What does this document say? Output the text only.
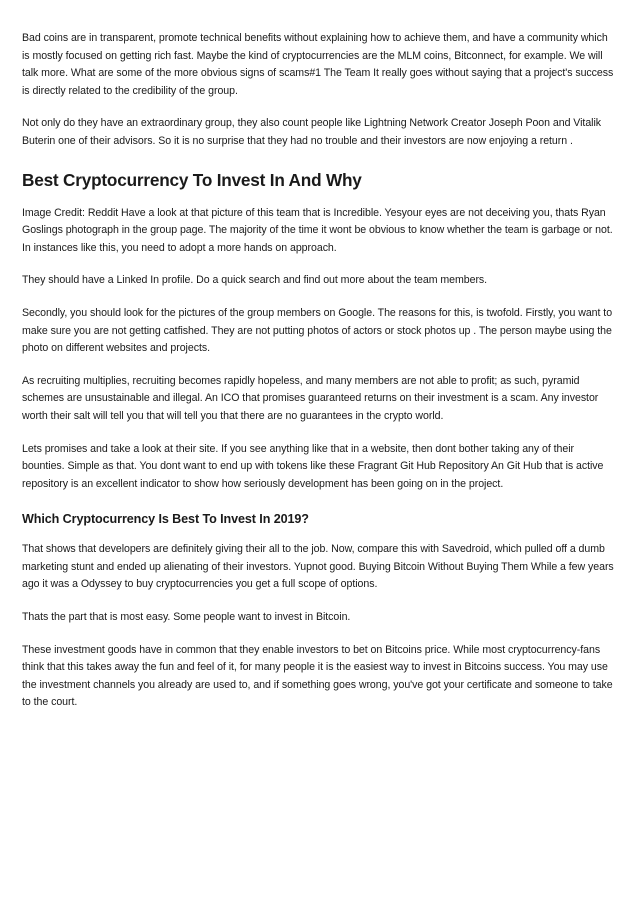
Bad coins are in transparent, promote technical benefits without explaining how to achieve them, and have a community which is mostly focused on getting rich fast. Maybe the kind of cryptocurrencies are the MLM coins, Bitconnect, for example. We will talk more. What are some of the more obvious signs of scams#1 The Team It really goes without saying that a project's success is directly related to the credibility of the group.

Not only do they have an extraordinary group, they also count people like Lightning Network Creator Joseph Poon and Vitalik Buterin one of their advisors. So it is no surprise that they had no trouble and their investors are now enjoying a return .

Best Cryptocurrency To Invest In And Why

Image Credit: Reddit Have a look at that picture of this team that is Incredible. Yesyour eyes are not deceiving you, thats Ryan Goslings photograph in the group page. The majority of the time it wont be obvious to know whether the team is garbage or not. In instances like this, you need to adopt a more hands on approach.

They should have a Linked In profile. Do a quick search and find out more about the team members.

Secondly, you should look for the pictures of the group members on Google. The reasons for this, is twofold. Firstly, you want to make sure you are not getting catfished. They are not putting photos of actors or stock photos up . The person maybe using the photo on different websites and projects.

As recruiting multiplies, recruiting becomes rapidly hopeless, and many members are not able to profit; as such, pyramid schemes are unsustainable and illegal. An ICO that promises guaranteed returns on their investment is a scam. Any investor worth their salt will tell you that will tell you that there are no guarantees in the crypto world.

Lets promises and take a look at their site. If you see anything like that in a website, then dont bother taking any of their bounties. Simple as that. You dont want to end up with tokens like these Fragrant Git Hub Repository An Git Hub that is active repository is an excellent indicator to show how seriously development has been going on in the project.

Which Cryptocurrency Is Best To Invest In 2019?

That shows that developers are definitely giving their all to the job. Now, compare this with Savedroid, which pulled off a dumb marketing stunt and ended up alienating of their investors. Yupnot good. Buying Bitcoin Without Buying Them While a few years ago it was a Odyssey to buy cryptocurrencies you get a full scope of options.

Thats the part that is most easy. Some people want to invest in Bitcoin.

These investment goods have in common that they enable investors to bet on Bitcoins price. While most cryptocurrency-fans think that this takes away the fun and feel of it, for many people it is the easiest way to invest in Bitcoins success. You may use the investment channels you already are used to, and if something goes wrong, you've got your certificate and someone to take to the court.
